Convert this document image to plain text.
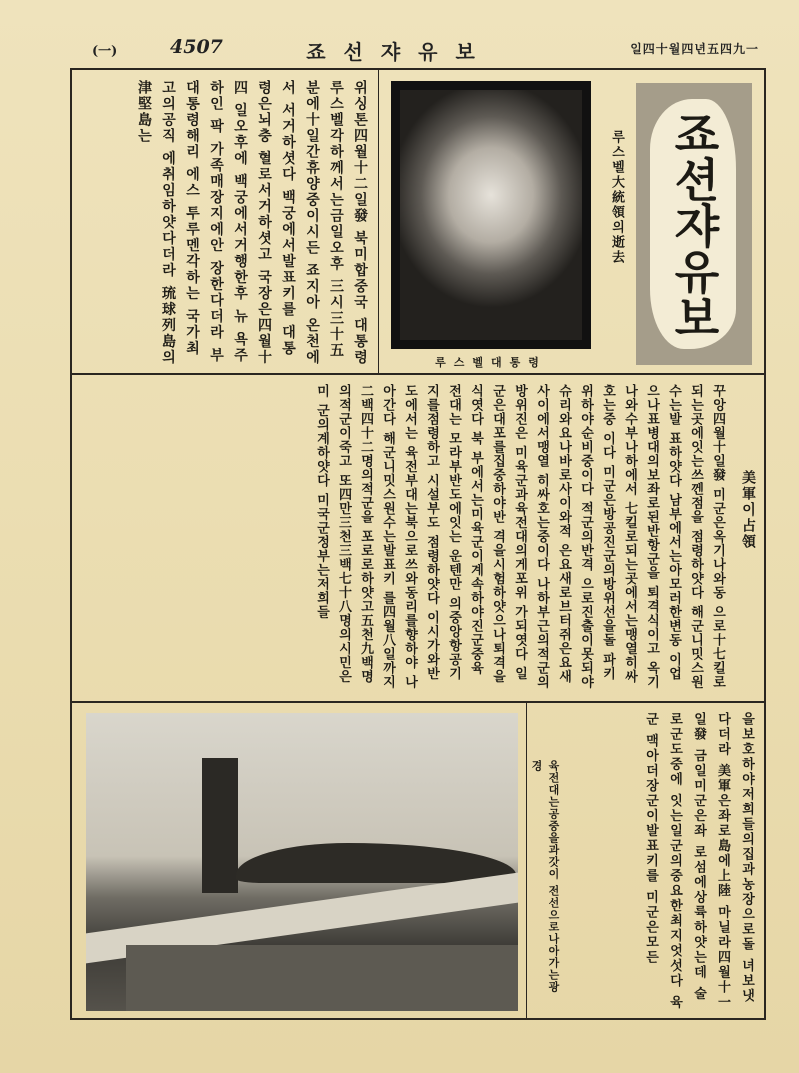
(一)	4507	죠선쟈유보	일四十월四년五四九一
죠션쟈유보
루스벨大統領의逝去
루스벨대통령
위싱톤四월十二일發 북미합중국 대통령루스벨각하께서는금일오후 三시三十五분에十일간휴양중이시든 죠지아 온천에서 서거하셧다 백궁에서발표키를 대통령은뇌충 혈로서거하셧고 국장은四월十四 일오후에 백궁에서거행한후 뉴 욕주 하인 팍 가족매장지에안 장한다더라 부대통령해리 에스 투루멘각하는 국가최고의공직 에취임하얏다더라 琉球列島의津堅島는
美軍이占領
꾸앙四월十일發 미군은옥기나와동 으로十七킬로되는곳에잇는쓰껜점을 점령하얏다 해군니밋스원수는발 표하얏다 남부에서는아모러한변동 이업으나표병대의보좌로된반항군을 퇴격식이고 옥기나와수부나하에서 七킬로되는곳에서는맹열히싸호는중 이다 미군은방공진군의방위선을돌 파키위하야순비중이다 적군의반격 으로진출이못되야슈리와요나바로사이와적 은요새로브터쥐은요새사이에서맹열 히싸호는중이다 나하부근의적군의 방위진은 미육군과육전대의게포위 가되엿다 일군은대포를집중하야반 격을시험하얏으나퇴격을식엿다 북 부에서는미육군이계속하야진군중육 전대는 모라부반도에잇는 운텐만 의중앙항공기지를점령하고 시설부도 점령하얏다 이시가와반도에서는 육전부대는북으로쓰와동리를향하야 나아간다 해군니밋스원수는발표키 를四월八일까지二백四十二명의적군을 포로로하얏고五천九백명의적군이죽고 또四만三천三백七十八명의시민은미 군의계하얏다 미국군정부는저희들
을보호하야저희들의집과농장으로돌 녀보냇다더라 美軍은좌로島에上陸 마닐라四월十一일發 금일미군은좌 로섬에상륙하얏는데 술로군도중에 잇는일군의중요한최지엇섯다 육군 맥아더장군이발표키를 미군은모든
육전대는공중을과갓이 전선으로나아가는광경
